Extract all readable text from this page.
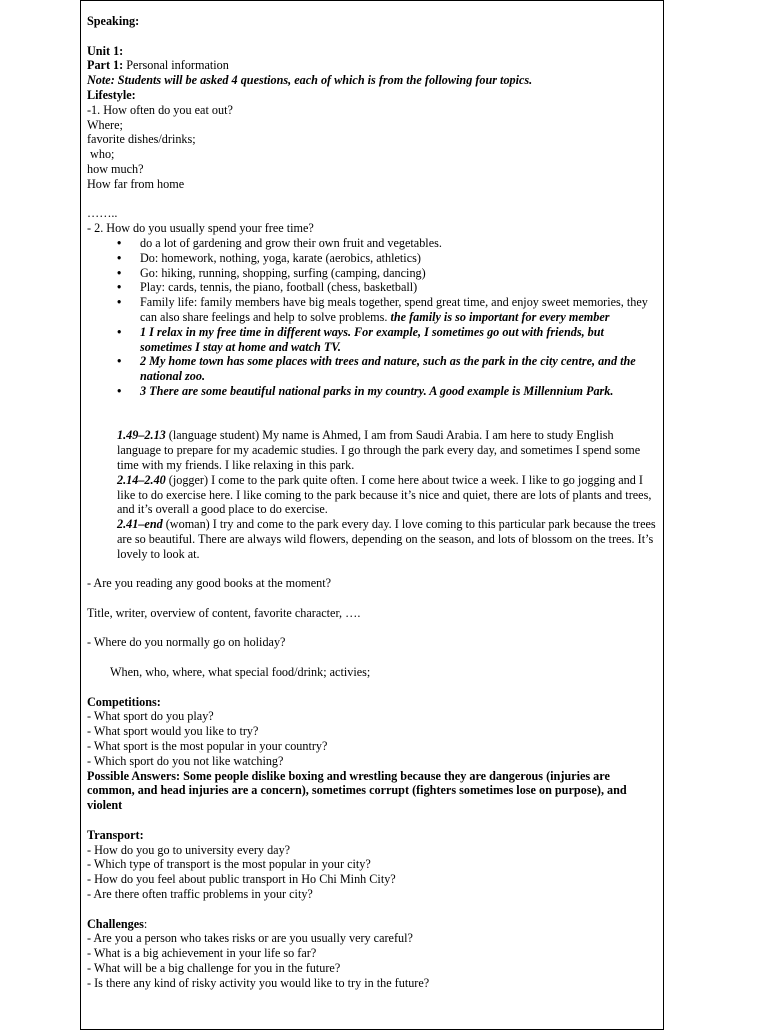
Speaking:

Unit 1:

Part 1: Personal information

Note: Students will be asked 4 questions, each of which is from the following four topics.

Lifestyle:

-1. How often do you eat out?

Where;

favorite dishes/drinks;

who;

how much?

How far from home

……..

- 2. How do you usually spend your free time?

• do a lot of gardening and grow their own fruit and vegetables.
• Do: homework, nothing, yoga, karate (aerobics, athletics)
• Go: hiking, running, shopping, surfing (camping, dancing)
• Play: cards, tennis, the piano, football (chess, basketball)
• Family life: family members have big meals together, spend great time, and enjoy sweet memories, they can also share feelings and help to solve problems. the family is so important for every member
• 1 I relax in my free time in different ways. For example, I sometimes go out with friends, but sometimes I stay at home and watch TV.
• 2 My home town has some places with trees and nature, such as the park in the city centre, and the national zoo.
• 3 There are some beautiful national parks in my country. A good example is Millennium Park.

1.49–2.13 (language student) My name is Ahmed, I am from Saudi Arabia. I am here to study English language to prepare for my academic studies. I go through the park every day, and sometimes I spend some time with my friends. I like relaxing in this park.

2.14–2.40 (jogger) I come to the park quite often. I come here about twice a week. I like to go jogging and I like to do exercise here. I like coming to the park because it’s nice and quiet, there are lots of plants and trees, and it’s overall a good place to do exercise.

2.41–end (woman) I try and come to the park every day. I love coming to this particular park because the trees are so beautiful. There are always wild flowers, depending on the season, and lots of blossom on the trees. It’s lovely to look at.

- Are you reading any good books at the moment?

Title, writer, overview of content, favorite character, ….

- Where do you normally go on holiday?

When, who, where, what special food/drink; activies;

Competitions:

- What sport do you play?

- What sport would you like to try?

- What sport is the most popular in your country?

- Which sport do you not like watching?

Possible Answers: Some people dislike boxing and wrestling because they are dangerous (injuries are common, and head injuries are a concern), sometimes corrupt (fighters sometimes lose on purpose), and violent

Transport:

- How do you go to university every day?

- Which type of transport is the most popular in your city?

- How do you feel about public transport in Ho Chi Minh City?

- Are there often traffic problems in your city?

Challenges:

- Are you a person who takes risks or are you usually very careful?

- What is a big achievement in your life so far?

- What will be a big challenge for you in the future?

- Is there any kind of risky activity you would like to try in the future?
